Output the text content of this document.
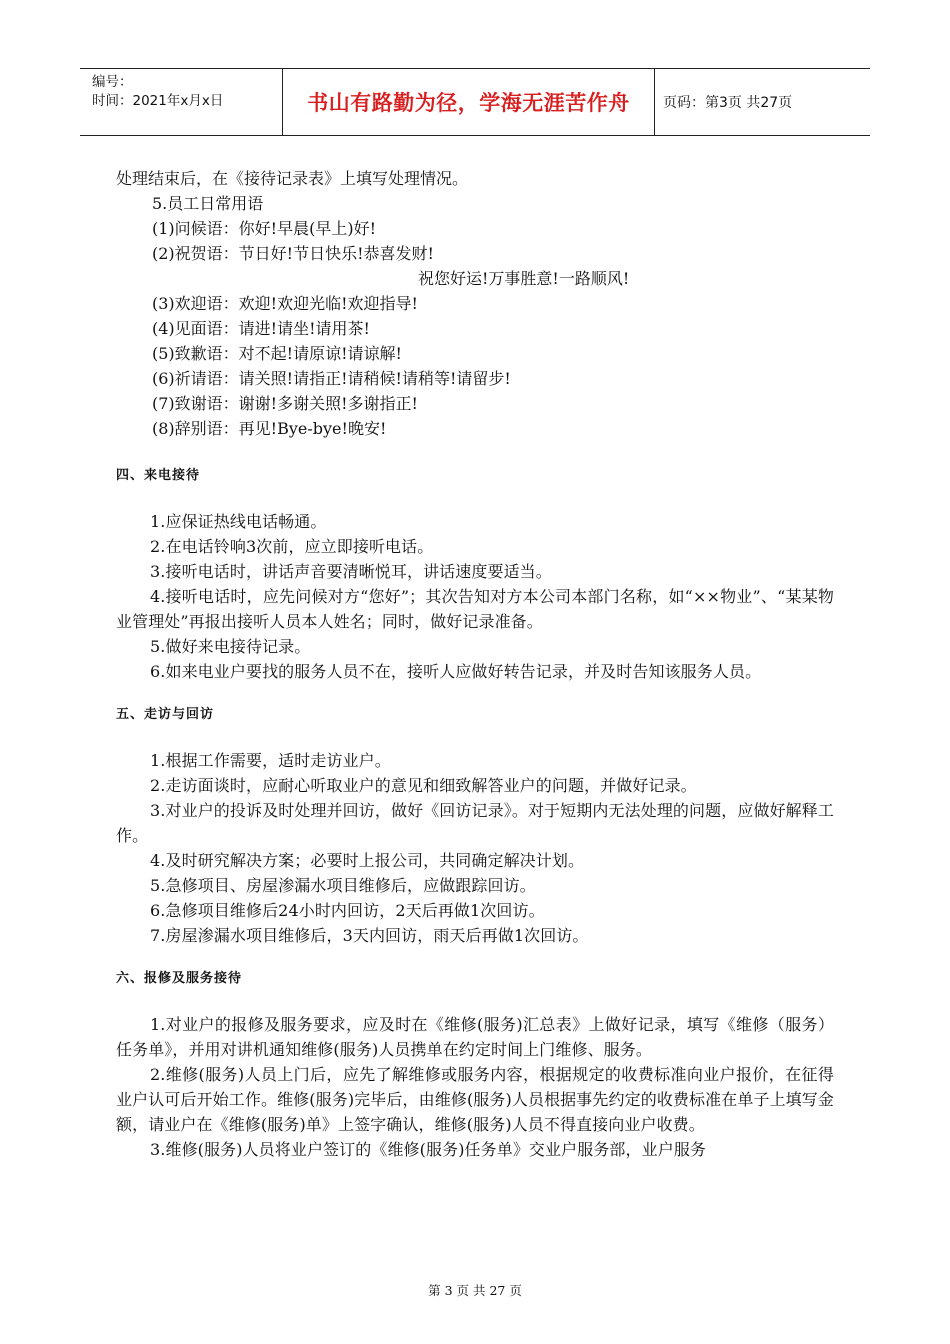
编号：
时间：2021年x月x日	书山有路勤为径，学海无涯苦作舟	页码：第3页 共27页
处理结束后，在《接待记录表》上填写处理情况。
5.员工日常用语
(1)问候语：你好!早晨(早上)好!
(2)祝贺语：节日好!节日快乐!恭喜发财!
祝您好运!万事胜意!一路顺风!
(3)欢迎语：欢迎!欢迎光临!欢迎指导!
(4)见面语：请进!请坐!请用茶!
(5)致歉语：对不起!请原谅!请谅解!
(6)祈请语：请关照!请指正!请稍候!请稍等!请留步!
(7)致谢语：谢谢!多谢关照!多谢指正!
(8)辞别语：再见!Bye-bye!晚安!
四、来电接待
1.应保证热线电话畅通。
2.在电话铃响3次前，应立即接听电话。
3.接听电话时，讲话声音要清晰悦耳，讲话速度要适当。
4.接听电话时，应先问候对方“您好”；其次告知对方本公司本部门名称，如“××物业”、“某某物业管理处”再报出接听人员本人姓名；同时，做好记录准备。
5.做好来电接待记录。
6.如来电业户要找的服务人员不在，接听人应做好转告记录，并及时告知该服务人员。
五、走访与回访
1.根据工作需要，适时走访业户。
2.走访面谈时，应耐心听取业户的意见和细致解答业户的问题，并做好记录。
3.对业户的投诉及时处理并回访，做好《回访记录》。对于短期内无法处理的问题，应做好解释工作。
4.及时研究解决方案；必要时上报公司，共同确定解决计划。
5.急修项目、房屋渗漏水项目维修后，应做跟踪回访。
6.急修项目维修后24小时内回访，2天后再做1次回访。
7.房屋渗漏水项目维修后，3天内回访，雨天后再做1次回访。
六、报修及服务接待
1.对业户的报修及服务要求，应及时在《维修(服务)汇总表》上做好记录，填写《维修（服务）任务单》，并用对讲机通知维修(服务)人员携单在约定时间上门维修、服务。
2.维修(服务)人员上门后，应先了解维修或服务内容，根据规定的收费标准向业户报价，在征得业户认可后开始工作。维修(服务)完毕后，由维修(服务)人员根据事先约定的收费标准在单子上填写金额，请业户在《维修(服务)单》上签字确认，维修(服务)人员不得直接向业户收费。
3.维修(服务)人员将业户签订的《维修(服务)任务单》交业户服务部，业户服务
第 3 页 共 27 页
